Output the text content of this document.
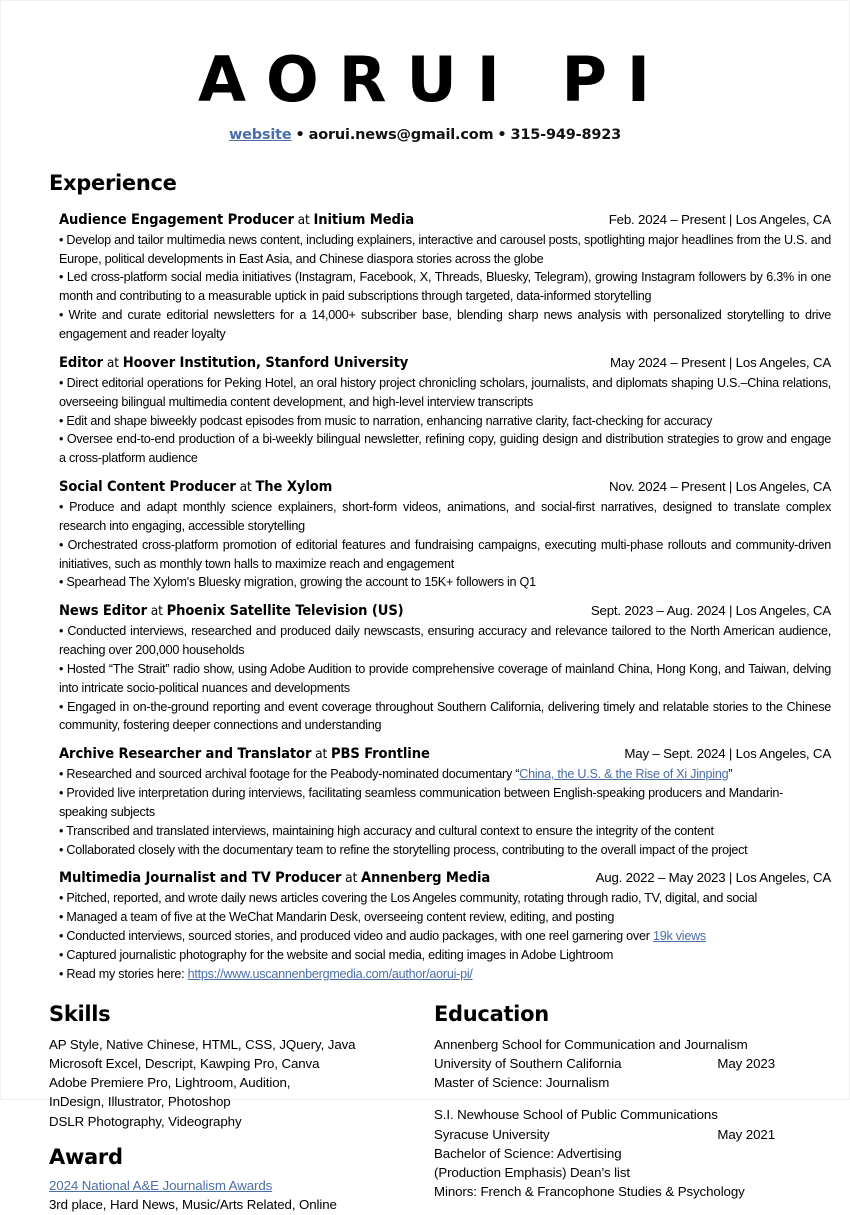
AORUI PI
website • aorui.news@gmail.com • 315-949-8923
Experience
Audience Engagement Producer at Initium Media	Feb. 2024 – Present | Los Angeles, CA
• Develop and tailor multimedia news content, including explainers, interactive and carousel posts, spotlighting major headlines from the U.S. and Europe, political developments in East Asia, and Chinese diaspora stories across the globe
• Led cross-platform social media initiatives (Instagram, Facebook, X, Threads, Bluesky, Telegram), growing Instagram followers by 6.3% in one month and contributing to a measurable uptick in paid subscriptions through targeted, data-informed storytelling
• Write and curate editorial newsletters for a 14,000+ subscriber base, blending sharp news analysis with personalized storytelling to drive engagement and reader loyalty
Editor at Hoover Institution, Stanford University	May 2024 – Present | Los Angeles, CA
• Direct editorial operations for Peking Hotel, an oral history project chronicling scholars, journalists, and diplomats shaping U.S.–China relations, overseeing bilingual multimedia content development, and high-level interview transcripts
• Edit and shape biweekly podcast episodes from music to narration, enhancing narrative clarity, fact-checking for accuracy
• Oversee end-to-end production of a bi-weekly bilingual newsletter, refining copy, guiding design and distribution strategies to grow and engage a cross-platform audience
Social Content Producer at The Xylom	Nov. 2024 – Present | Los Angeles, CA
• Produce and adapt monthly science explainers, short-form videos, animations, and social-first narratives, designed to translate complex research into engaging, accessible storytelling
• Orchestrated cross-platform promotion of editorial features and fundraising campaigns, executing multi-phase rollouts and community-driven initiatives, such as monthly town halls to maximize reach and engagement
• Spearhead The Xylom's Bluesky migration, growing the account to 15K+ followers in Q1
News Editor at Phoenix Satellite Television (US)	Sept. 2023 – Aug. 2024 | Los Angeles, CA
• Conducted interviews, researched and produced daily newscasts, ensuring accuracy and relevance tailored to the North American audience, reaching over 200,000 households
• Hosted “The Strait” radio show, using Adobe Audition to provide comprehensive coverage of mainland China, Hong Kong, and Taiwan, delving into intricate socio-political nuances and developments
• Engaged in on-the-ground reporting and event coverage throughout Southern California, delivering timely and relatable stories to the Chinese community, fostering deeper connections and understanding
Archive Researcher and Translator at PBS Frontline	May – Sept. 2024 | Los Angeles, CA
• Researched and sourced archival footage for the Peabody-nominated documentary “China, the U.S. & the Rise of Xi Jinping”
• Provided live interpretation during interviews, facilitating seamless communication between English-speaking producers and Mandarin-speaking subjects
• Transcribed and translated interviews, maintaining high accuracy and cultural context to ensure the integrity of the content
• Collaborated closely with the documentary team to refine the storytelling process, contributing to the overall impact of the project
Multimedia Journalist and TV Producer at Annenberg Media	Aug. 2022 – May 2023 | Los Angeles, CA
• Pitched, reported, and wrote daily news articles covering the Los Angeles community, rotating through radio, TV, digital, and social
• Managed a team of five at the WeChat Mandarin Desk, overseeing content review, editing, and posting
• Conducted interviews, sourced stories, and produced video and audio packages, with one reel garnering over 19k views
• Captured journalistic photography for the website and social media, editing images in Adobe Lightroom
• Read my stories here: https://www.uscannenbergmedia.com/author/aorui-pi/
Skills
AP Style, Native Chinese, HTML, CSS, JQuery, Java
Microsoft Excel, Descript, Kawping Pro, Canva
Adobe Premiere Pro, Lightroom, Audition,
InDesign, Illustrator, Photoshop
DSLR Photography, Videography
Award
2024 National A&E Journalism Awards
3rd place, Hard News, Music/Arts Related, Online
Education
Annenberg School for Communication and Journalism
University of Southern California	May 2023
Master of Science: Journalism
S.I. Newhouse School of Public Communications
Syracuse University	May 2021
Bachelor of Science: Advertising
(Production Emphasis) Dean’s list
Minors: French & Francophone Studies & Psychology
